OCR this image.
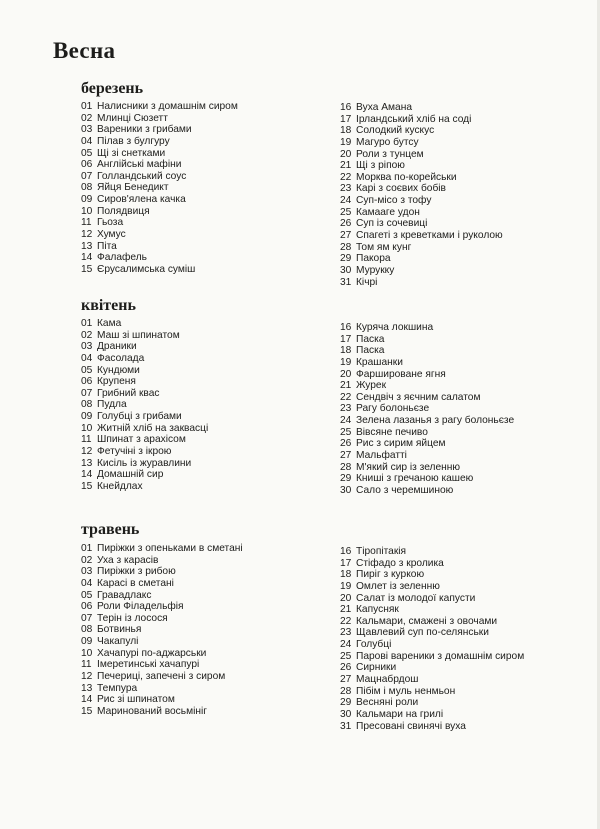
Весна
березень
01 Налисники з домашнім сиром
02 Млинці Сюзетт
03 Вареники з грибами
04 Пілав з булгуру
05 Щі зі снетками
06 Англійські мафіни
07 Голландський соус
08 Яйця Бенедикт
09 Сиров'ялена качка
10 Полядвиця
11 Гьоза
12 Хумус
13 Піта
14 Фалафель
15 Єрусалимська суміш
16 Вуха Амана
17 Ірландський хліб на соді
18 Солодкий кускус
19 Магуро бутсу
20 Роли з тунцем
21 Щі з ріпою
22 Морква по-корейськи
23 Карі з соєвих бобів
24 Суп-місо з тофу
25 Камааге удон
26 Суп із сочевиці
27 Спагеті з креветками і руколою
28 Том ям кунг
29 Пакора
30 Мурукку
31 Кічрі
квітень
01 Кама
02 Маш зі шпинатом
03 Драники
04 Фасолада
05 Кундюми
06 Крупеня
07 Грибний квас
08 Пудла
09 Голубці з грибами
10 Житній хліб на заквасці
11 Шпинат з арахісом
12 Фетучіні з ікрою
13 Кисіль із журавлини
14 Домашній сир
15 Кнейдлах
16 Куряча локшина
17 Паска
18 Паска
19 Крашанки
20 Фаршироване ягня
21 Журек
22 Сендвіч з яєчним салатом
23 Рагу болоньєзе
24 Зелена лазанья з рагу болоньєзе
25 Вівсяне печиво
26 Рис з сирим яйцем
27 Мальфатті
28 М'який сир із зеленню
29 Книші з гречаною кашею
30 Сало з черемшиною
травень
01 Пиріжки з опеньками в сметані
02 Уха з карасів
03 Пиріжки з рибою
04 Карасі в сметані
05 Гравадлакс
06 Роли Філадельфія
07 Терін із лосося
08 Ботвинья
09 Чакапулі
10 Хачапурі по-аджарськи
11 Імеретинські хачапурі
12 Печериці, запечені з сиром
13 Темпура
14 Рис зі шпинатом
15 Маринований восьмініг
16 Тіропітакія
17 Стіфадо з кролика
18 Пиріг з куркою
19 Омлет із зеленню
20 Салат із молодої капусти
21 Капусняк
22 Кальмари, смажені з овочами
23 Щавлевий суп по-селянськи
24 Голубці
25 Парові вареники з домашнім сиром
26 Сирники
27 Мацнабрдош
28 Пібім і муль ненмьон
29 Весняні роли
30 Кальмари на грилі
31 Пресовані свинячі вуха
